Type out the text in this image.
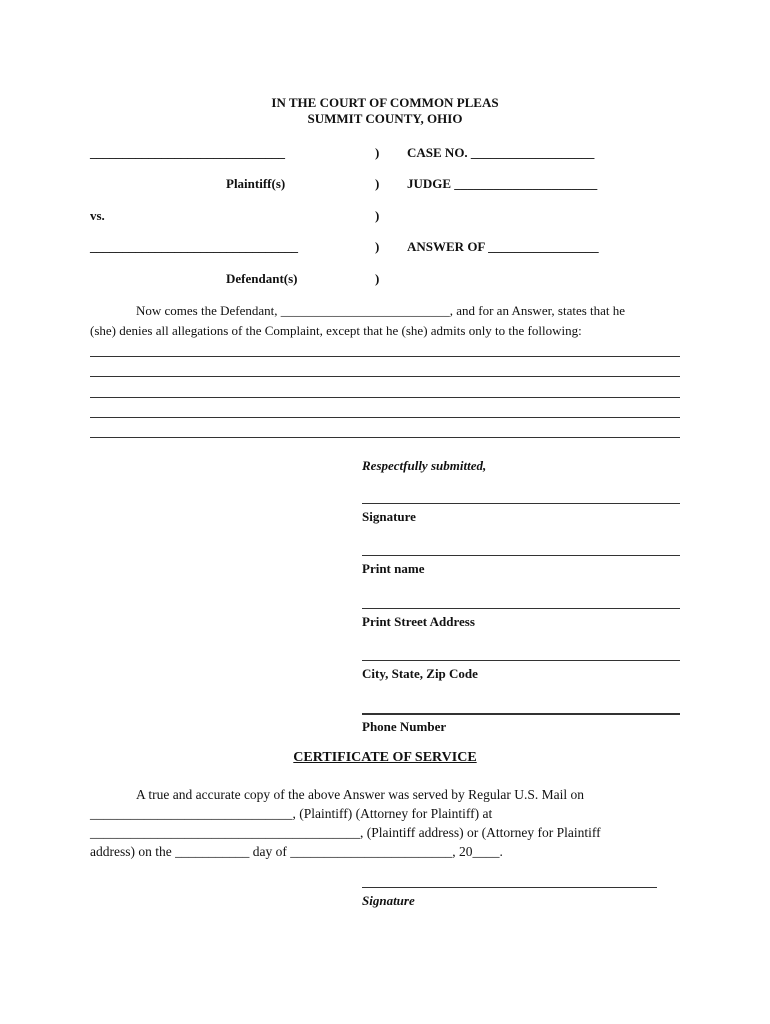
IN THE COURT OF COMMON PLEAS
SUMMIT COUNTY, OHIO
______________________________
Plaintiff(s)
vs.
________________________________
Defendant(s)
)
)
)
)
)
CASE NO. ___________________
JUDGE ______________________
ANSWER OF _________________
Now comes the Defendant, __________________________, and for an Answer, states that he
(she) denies all allegations of the Complaint, except that he (she) admits only to the following:
Respectfully submitted,
Signature
Print name
Print Street Address
City, State, Zip Code
Phone Number
CERTIFICATE OF SERVICE
A true and accurate copy of the above Answer was served by Regular U.S. Mail on
______________________________, (Plaintiff) (Attorney for Plaintiff) at
________________________________________, (Plaintiff address) or (Attorney for Plaintiff
address) on the ___________ day of ________________________, 20____.
Signature
